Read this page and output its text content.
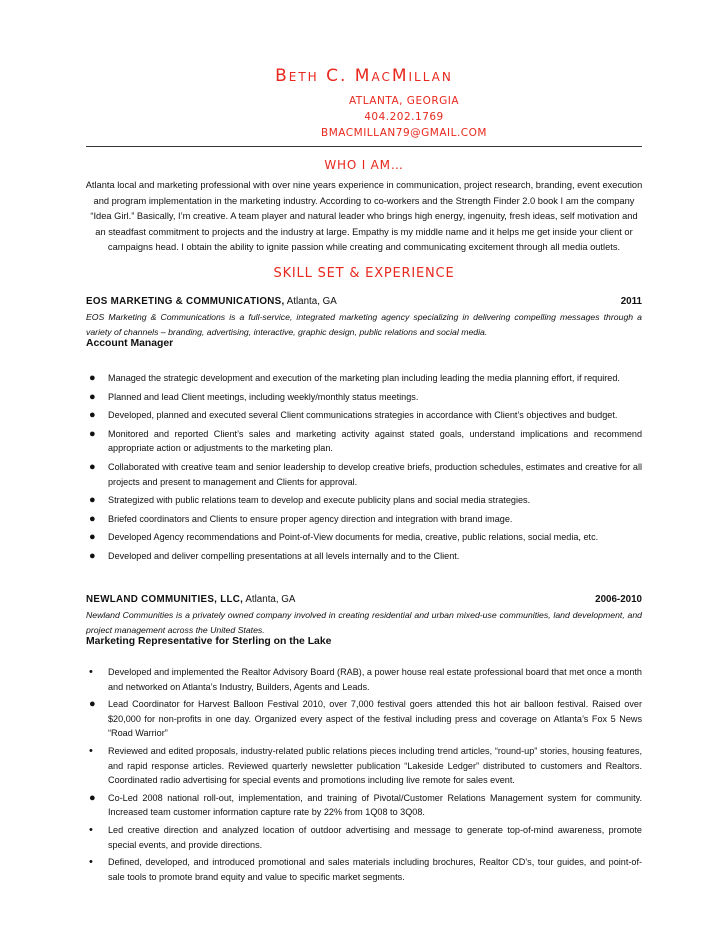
Beth C. MacMillan
ATLANTA, GEORGIA
404.202.1769
BMACMILLAN79@GMAIL.COM
WHO I AM…
Atlanta local and marketing professional with over nine years experience in communication, project research, branding, event execution and program implementation in the marketing industry. According to co-workers and the Strength Finder 2.0 book I am the company “Idea Girl.” Basically, I’m creative. A team player and natural leader who brings high energy, ingenuity, fresh ideas, self motivation and an steadfast commitment to projects and the industry at large. Empathy is my middle name and it helps me get inside your client or campaigns head. I obtain the ability to ignite passion while creating and communicating excitement through all media outlets.
SKILL SET & EXPERIENCE
EOS MARKETING & COMMUNICATIONS, Atlanta, GA	2011
EOS Marketing & Communications is a full-service, integrated marketing agency specializing in delivering compelling messages through a variety of channels – branding, advertising, interactive, graphic design, public relations and social media.
Account Manager
● Managed the strategic development and execution of the marketing plan including leading the media planning effort, if required.
● Planned and lead Client meetings, including weekly/monthly status meetings.
● Developed, planned and executed several Client communications strategies in accordance with Client’s objectives and budget.
● Monitored and reported Client’s sales and marketing activity against stated goals, understand implications and recommend appropriate action or adjustments to the marketing plan.
● Collaborated with creative team and senior leadership to develop creative briefs, production schedules, estimates and creative for all projects and present to management and Clients for approval.
● Strategized with public relations team to develop and execute publicity plans and social media strategies.
● Briefed coordinators and Clients to ensure proper agency direction and integration with brand image.
● Developed Agency recommendations and Point-of-View documents for media, creative, public relations, social media, etc.
● Developed and deliver compelling presentations at all levels internally and to the Client.
NEWLAND COMMUNITIES, LLC, Atlanta, GA	2006-2010
Newland Communities is a privately owned company involved in creating residential and urban mixed-use communities, land development, and project management across the United States.
Marketing Representative for Sterling on the Lake
• Developed and implemented the Realtor Advisory Board (RAB), a power house real estate professional board that met once a month and networked on Atlanta’s Industry, Builders, Agents and Leads.
● Lead Coordinator for Harvest Balloon Festival 2010, over 7,000 festival goers attended this hot air balloon festival. Raised over $20,000 for non-profits in one day. Organized every aspect of the festival including press and coverage on Atlanta’s Fox 5 News “Road Warrior”
• Reviewed and edited proposals, industry-related public relations pieces including trend articles, “round-up” stories, housing features, and rapid response articles. Reviewed quarterly newsletter publication “Lakeside Ledger” distributed to customers and Realtors. Coordinated radio advertising for special events and promotions including live remote for sales event.
● Co-Led 2008 national roll-out, implementation, and training of Pivotal/Customer Relations Management system for community. Increased team customer information capture rate by 22% from 1Q08 to 3Q08.
• Led creative direction and analyzed location of outdoor advertising and message to generate top-of-mind awareness, promote special events, and provide directions.
• Defined, developed, and introduced promotional and sales materials including brochures, Realtor CD’s, tour guides, and point-of-sale tools to promote brand equity and value to specific market segments.
